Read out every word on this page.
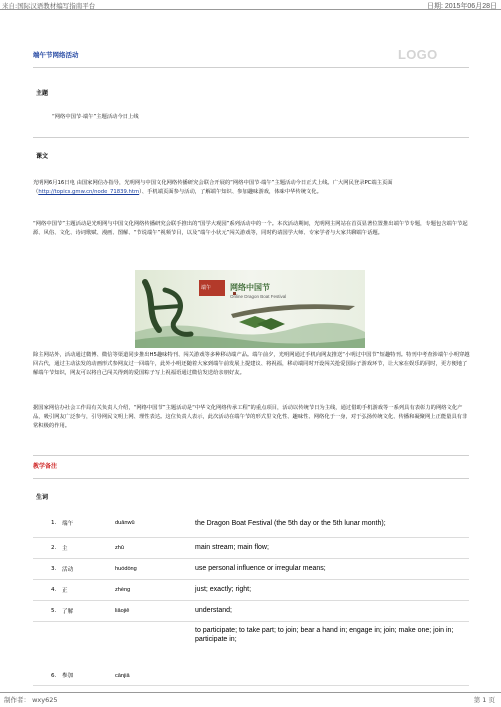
来自:国际汉语教材编写指南平台	日期: 2015年06月28日
LOGO
端午节网络活动
主题
“网络中国节·端午”主题活动今日上线
课文
光明网6月16日电 由国家网信办指导，光明网与中国文化网络传播研究会联合开展的“网络中国节·端午”主题活动今日正式上线。广大网民登录PC端主页面（http://topics.gmw.cn/node_71839.htm）、手机端页面参与活动，了解端午知识、参加趣味游戏，体味中华传统文化。
“网络中国节”主题活动是光明网与中国文化网络传播研究会联手推出的“国学大观园”系列活动中的一个。本次活动期间，光明网主网站在首页显著位置推出端午节专题，专题包含端午节起源、风俗、文化、诗词歌赋、漫画、图解、“节说端午”视频节目，以及“端午小状元”闯关游戏等，同时约请国学大师、专家学者与大家共聊端午话题。
端午 网络中国节
Online Dragon Boat Festival
除主网站外，活动通过微博、微信等渠道同步推出H5趣味特刊、闯关游戏等多种移动端产品。端午前夕，光明网通过手机向网友推送“小明过中国节”短趣特刊。特刊中考查涉端午小明穿越回古代，通过主动法发的动画形式参网友过一回端午，此外小明还随着大家到端午前发展上提建议、将祝福，移动端同时开设闯关抢爱国际子游戏环节，让大家在娱乐的同时，更方便地了解端午节知识，网友可以将自己闯关得到的爱国粽子写上祝福语通过微信发送给亲朋好友。
据国家网信办社会工作局有关负责人介绍，“网络中国节”主题活动是“中华文化网络传承工程”的重点项目，活动以传统节日为主线，通过借助手机游戏等一系列具有表彰力的网络文化产品，吸引网友广泛参与，引导网民文明上网、理性表达。这位负责人表示，此次活动在端午节的形式里文化性、趣味性、网络化于一身，对于弘扬传统文化、传播和凝聚网上正能量具有非常积极的作用。
教学备注
生词
1.	端午	duānwǔ	the Dragon Boat Festival (the 5th day or the 5th lunar month);
2.	主	zhǔ	main stream; main flow;
3.	活动	huódòng	use personal influence or irregular means;
4.	正	zhèng	just; exactly; right;
5.	了解	liǎojiě	understand;
6.	参加	cānjiā	to participate; to take part; to join; bear a hand in; engage in; join; make one; join in; participate in;
制作者： wxy625	第 1 页
